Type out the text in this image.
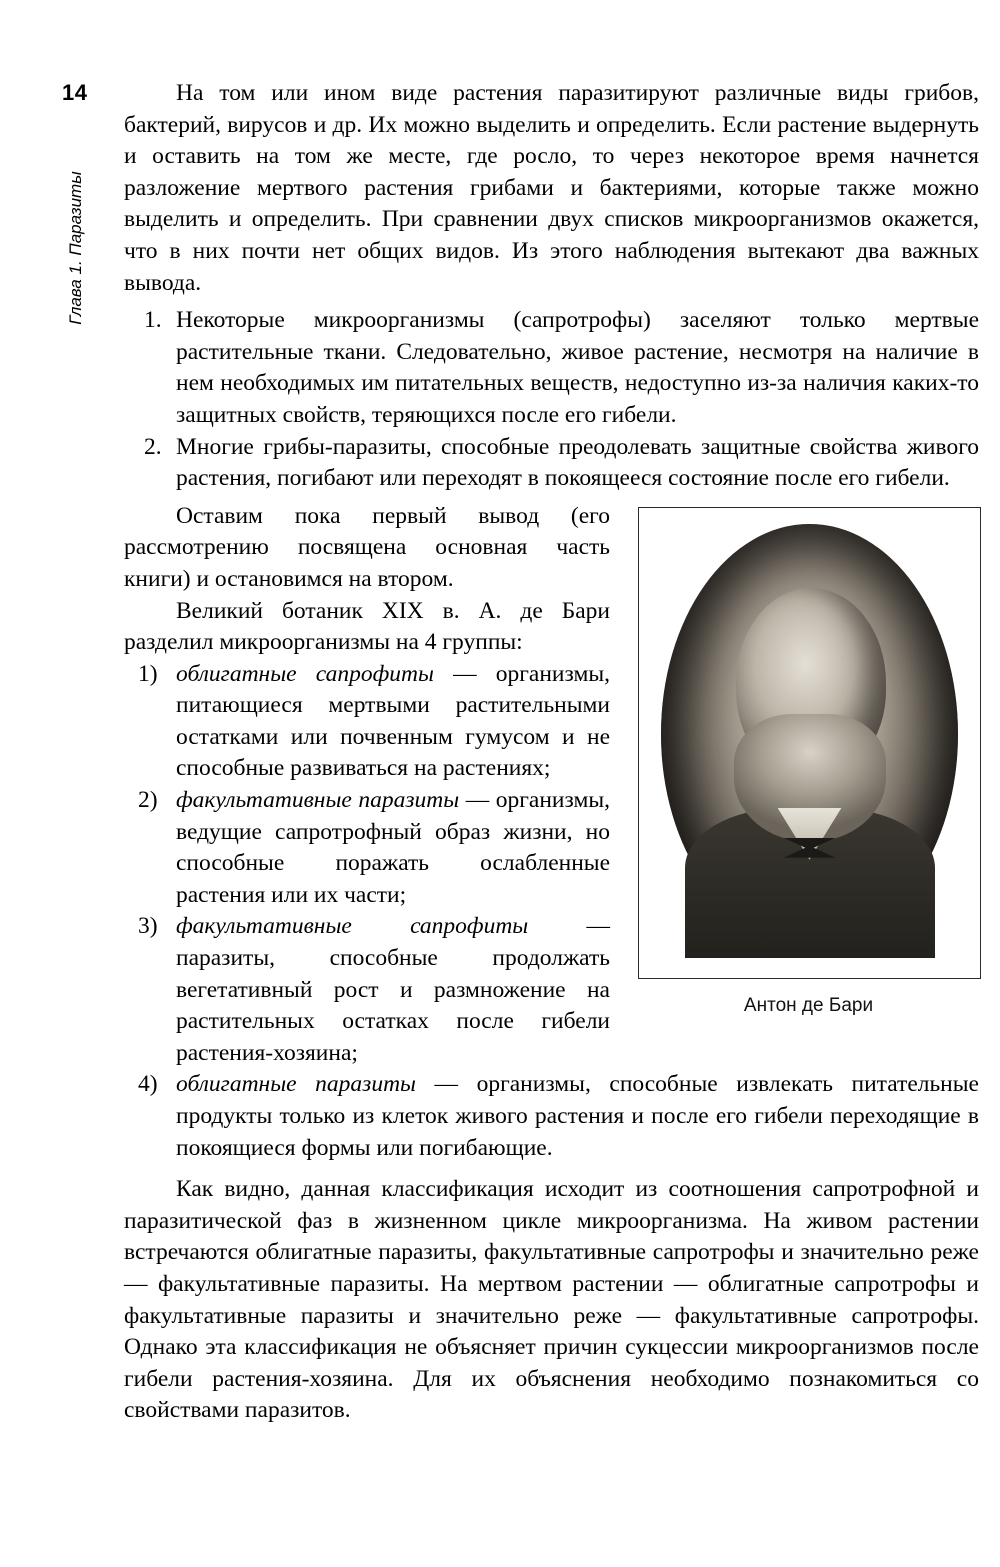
14
Глава 1. Паразиты

На том или ином виде растения паразитируют различные виды грибов, бактерий, вирусов и др. Их можно выделить и определить. Если растение выдернуть и оставить на том же месте, где росло, то через некоторое время начнется разложение мертвого растения грибами и бактериями, которые также можно выделить и определить. При сравнении двух списков микроорганизмов окажется, что в них почти нет общих видов. Из этого наблюдения вытекают два важных вывода.

1. Некоторые микроорганизмы (сапротрофы) заселяют только мертвые растительные ткани. Следовательно, живое растение, несмотря на наличие в нем необходимых им питательных веществ, недоступно из-за наличия каких-то защитных свойств, теряющихся после его гибели.
2. Многие грибы-паразиты, способные преодолевать защитные свойства живого растения, погибают или переходят в покоящееся состояние после его гибели.
Антон де Бари

Оставим пока первый вывод (его рассмотрению посвящена основная часть книги) и остановимся на втором.

Великий ботаник XIX в. А. де Бари разделил микроорганизмы на 4 группы:

1) облигатные сапрофиты — организмы, питающиеся мертвыми растительными остатками или почвенным гумусом и не способные развиваться на растениях;
2) факультативные паразиты — организмы, ведущие сапротрофный образ жизни, но способные поражать ослабленные растения или их части;
3) факультативные сапрофиты — паразиты, способные продолжать вегетативный рост и размножение на растительных остатках после гибели растения-хозяина;
4) облигатные паразиты — организмы, способные извлекать питательные продукты только из клеток живого растения и после его гибели переходящие в покоящиеся формы или погибающие.

Как видно, данная классификация исходит из соотношения сапротрофной и паразитической фаз в жизненном цикле микроорганизма. На живом растении встречаются облигатные паразиты, факультативные сапротрофы и значительно реже — факультативные паразиты. На мертвом растении — облигатные сапротрофы и факультативные паразиты и значительно реже — факультативные сапротрофы. Однако эта классификация не объясняет причин сукцессии микроорганизмов после гибели растения-хозяина. Для их объяснения необходимо познакомиться со свойствами паразитов.
